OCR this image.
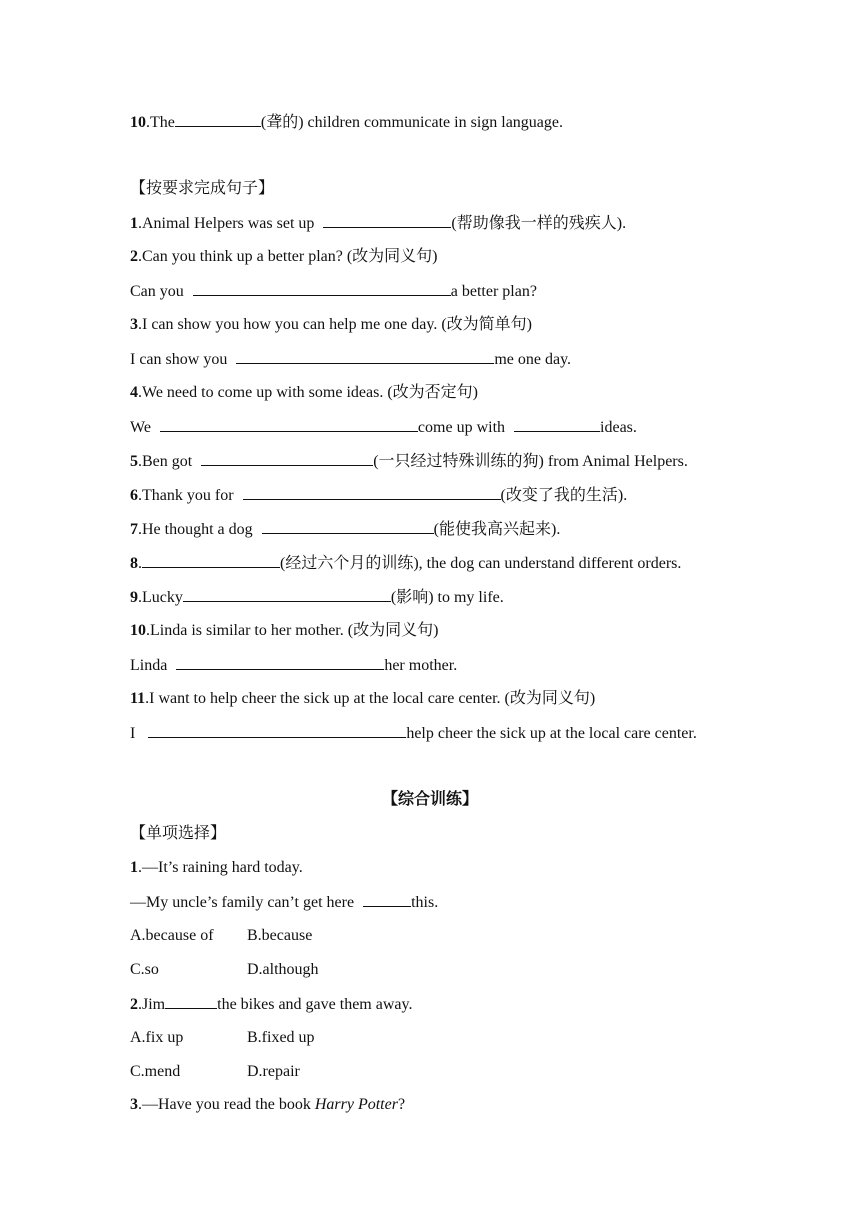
10.The	(聋的) children communicate in sign language.
【按要求完成句子】
1.Animal Helpers was set up	(帮助像我一样的残疾人).
2.Can you think up a better plan? (改为同义句)
Can you	a better plan?
3.I can show you how you can help me one day. (改为简单句)
I can show you	me one day.
4.We need to come up with some ideas. (改为否定句)
We	come up with	ideas.
5.Ben got	(一只经过特殊训练的狗) from Animal Helpers.
6.Thank you for	(改变了我的生活).
7.He thought a dog	(能使我高兴起来).
8.	(经过六个月的训练), the dog can understand different orders.
9.Lucky	(影响) to my life.
10.Linda is similar to her mother. (改为同义句)
Linda	her mother.
11.I want to help cheer the sick up at the local care center. (改为同义句)
I	help cheer the sick up at the local care center.
【综合训练】
【单项选择】
1.—It’s raining hard today.
—My uncle’s family can’t get here	this.
A.because of B.because
C.so	D.although
2.Jim	the bikes and gave them away.
A.fix up	B.fixed up
C.mend	D.repair
3.—Have you read the book Harry Potter?
